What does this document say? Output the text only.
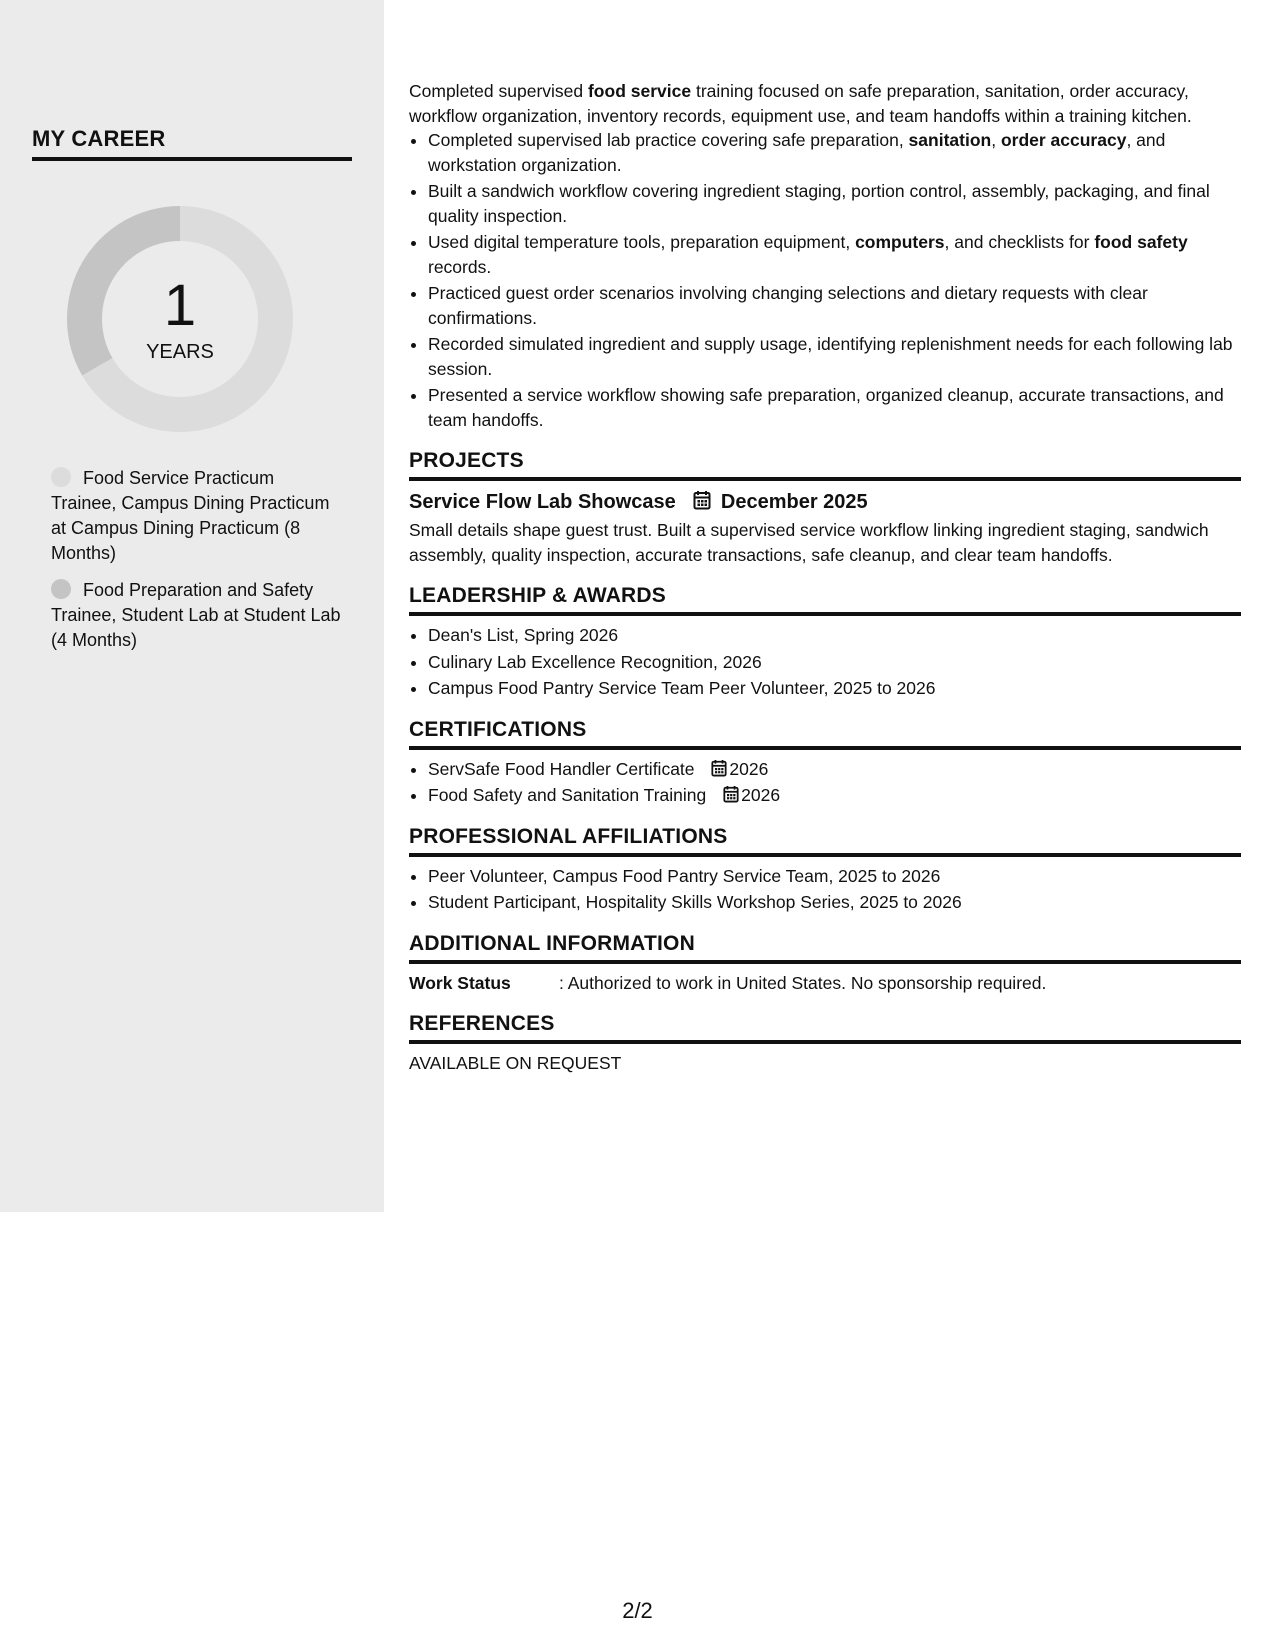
MY CAREER
1
YEARS
Food Service Practicum Trainee, Campus Dining Practicum at Campus Dining Practicum (8 Months)
Food Preparation and Safety Trainee, Student Lab at Student Lab (4 Months)

Completed supervised food service training focused on safe preparation, sanitation, order accuracy, workflow organization, inventory records, equipment use, and team handoffs within a training kitchen.

• Completed supervised lab practice covering safe preparation, sanitation, order accuracy, and workstation organization.
• Built a sandwich workflow covering ingredient staging, portion control, assembly, packaging, and final quality inspection.
• Used digital temperature tools, preparation equipment, computers, and checklists for food safety records.
• Practiced guest order scenarios involving changing selections and dietary requests with clear confirmations.
• Recorded simulated ingredient and supply usage, identifying replenishment needs for each following lab session.
• Presented a service workflow showing safe preparation, organized cleanup, accurate transactions, and team handoffs.
PROJECTS
Service Flow Lab Showcase December 2025

Small details shape guest trust. Built a supervised service workflow linking ingredient staging, sandwich assembly, quality inspection, accurate transactions, safe cleanup, and clear team handoffs.

LEADERSHIP & AWARDS
• Dean's List, Spring 2026
• Culinary Lab Excellence Recognition, 2026
• Campus Food Pantry Service Team Peer Volunteer, 2025 to 2026
CERTIFICATIONS
• ServSafe Food Handler Certificate 2026
• Food Safety and Sanitation Training 2026
PROFESSIONAL AFFILIATIONS
• Peer Volunteer, Campus Food Pantry Service Team, 2025 to 2026
• Student Participant, Hospitality Skills Workshop Series, 2025 to 2026
ADDITIONAL INFORMATION
Work Status	: Authorized to work in United States. No sponsorship required.
REFERENCES
AVAILABLE ON REQUEST
2/2
